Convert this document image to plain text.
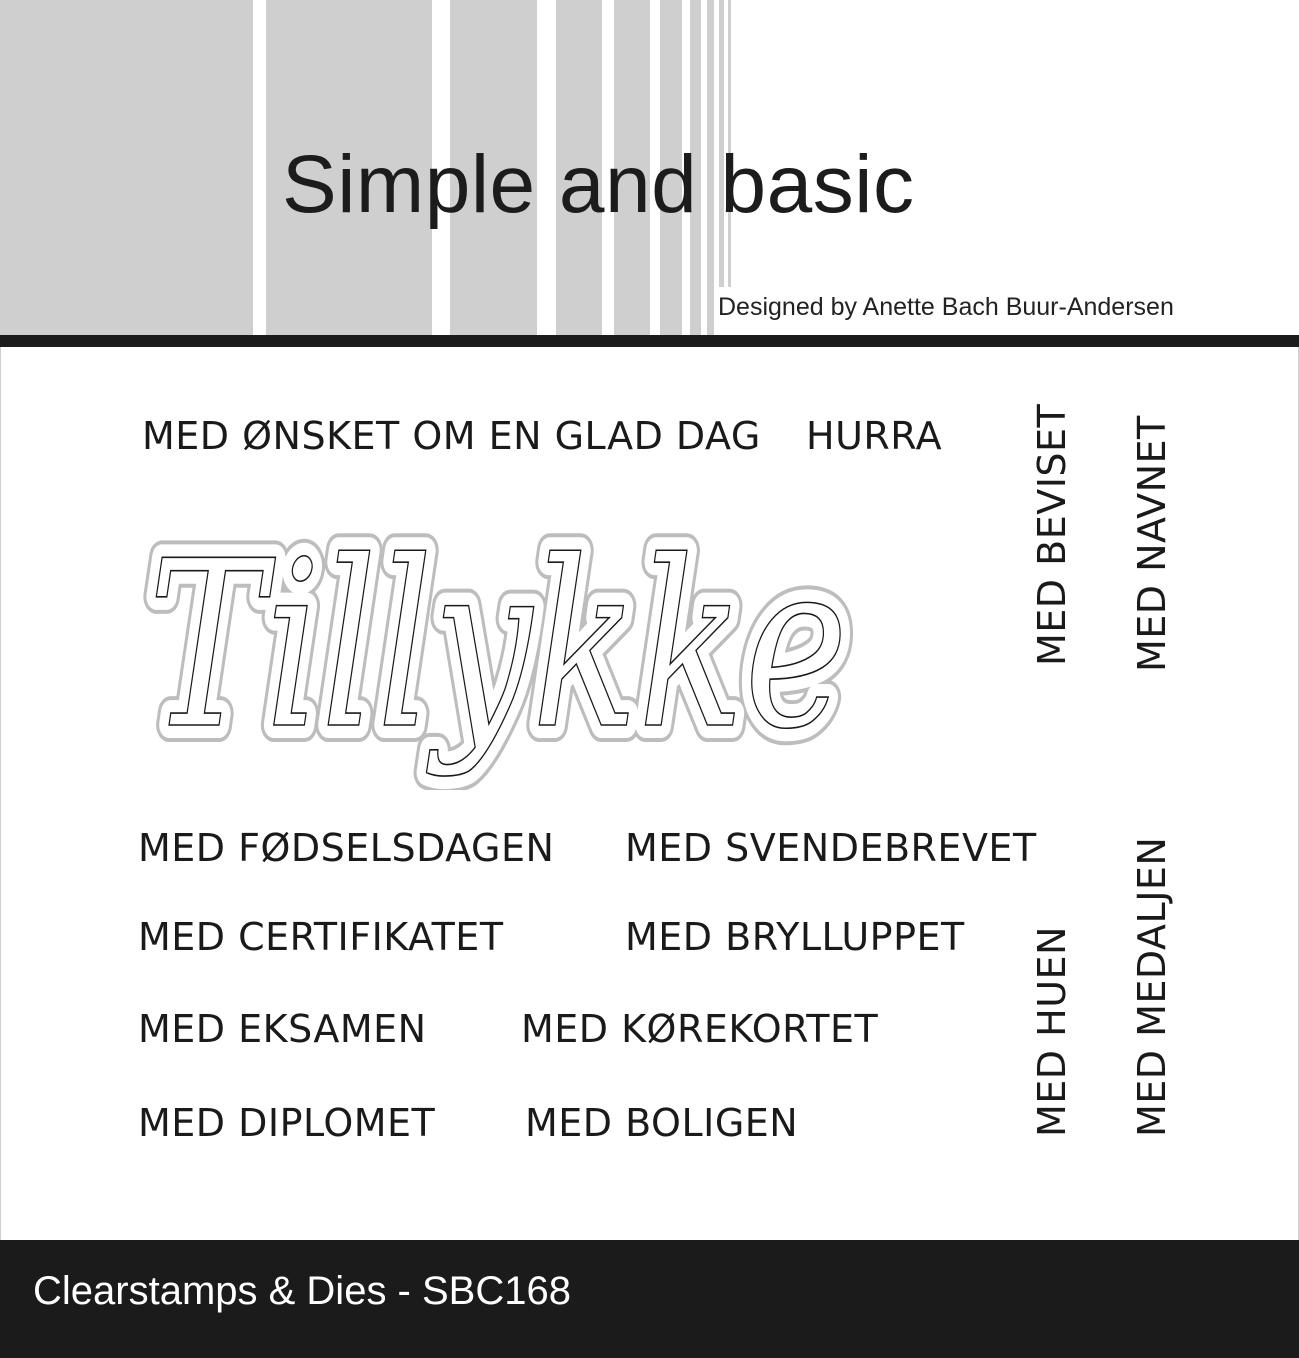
Simple and basic
Designed by Anette Bach Buur-Andersen
MED ØNSKET OM EN GLAD DAG HURRA MED BEVISET MED NAVNET
Tillykke
Tillykke
Tillykke
MED FØDSELSDAGEN MED SVENDEBREVET
MED CERTIFIKATET	MED BRYLLUPPET
MED EKSAMEN MED KØREKORTET
MED DIPLOMET MED BOLIGEN	MED HUEN MED MEDALJEN
Clearstamps & Dies - SBC168
